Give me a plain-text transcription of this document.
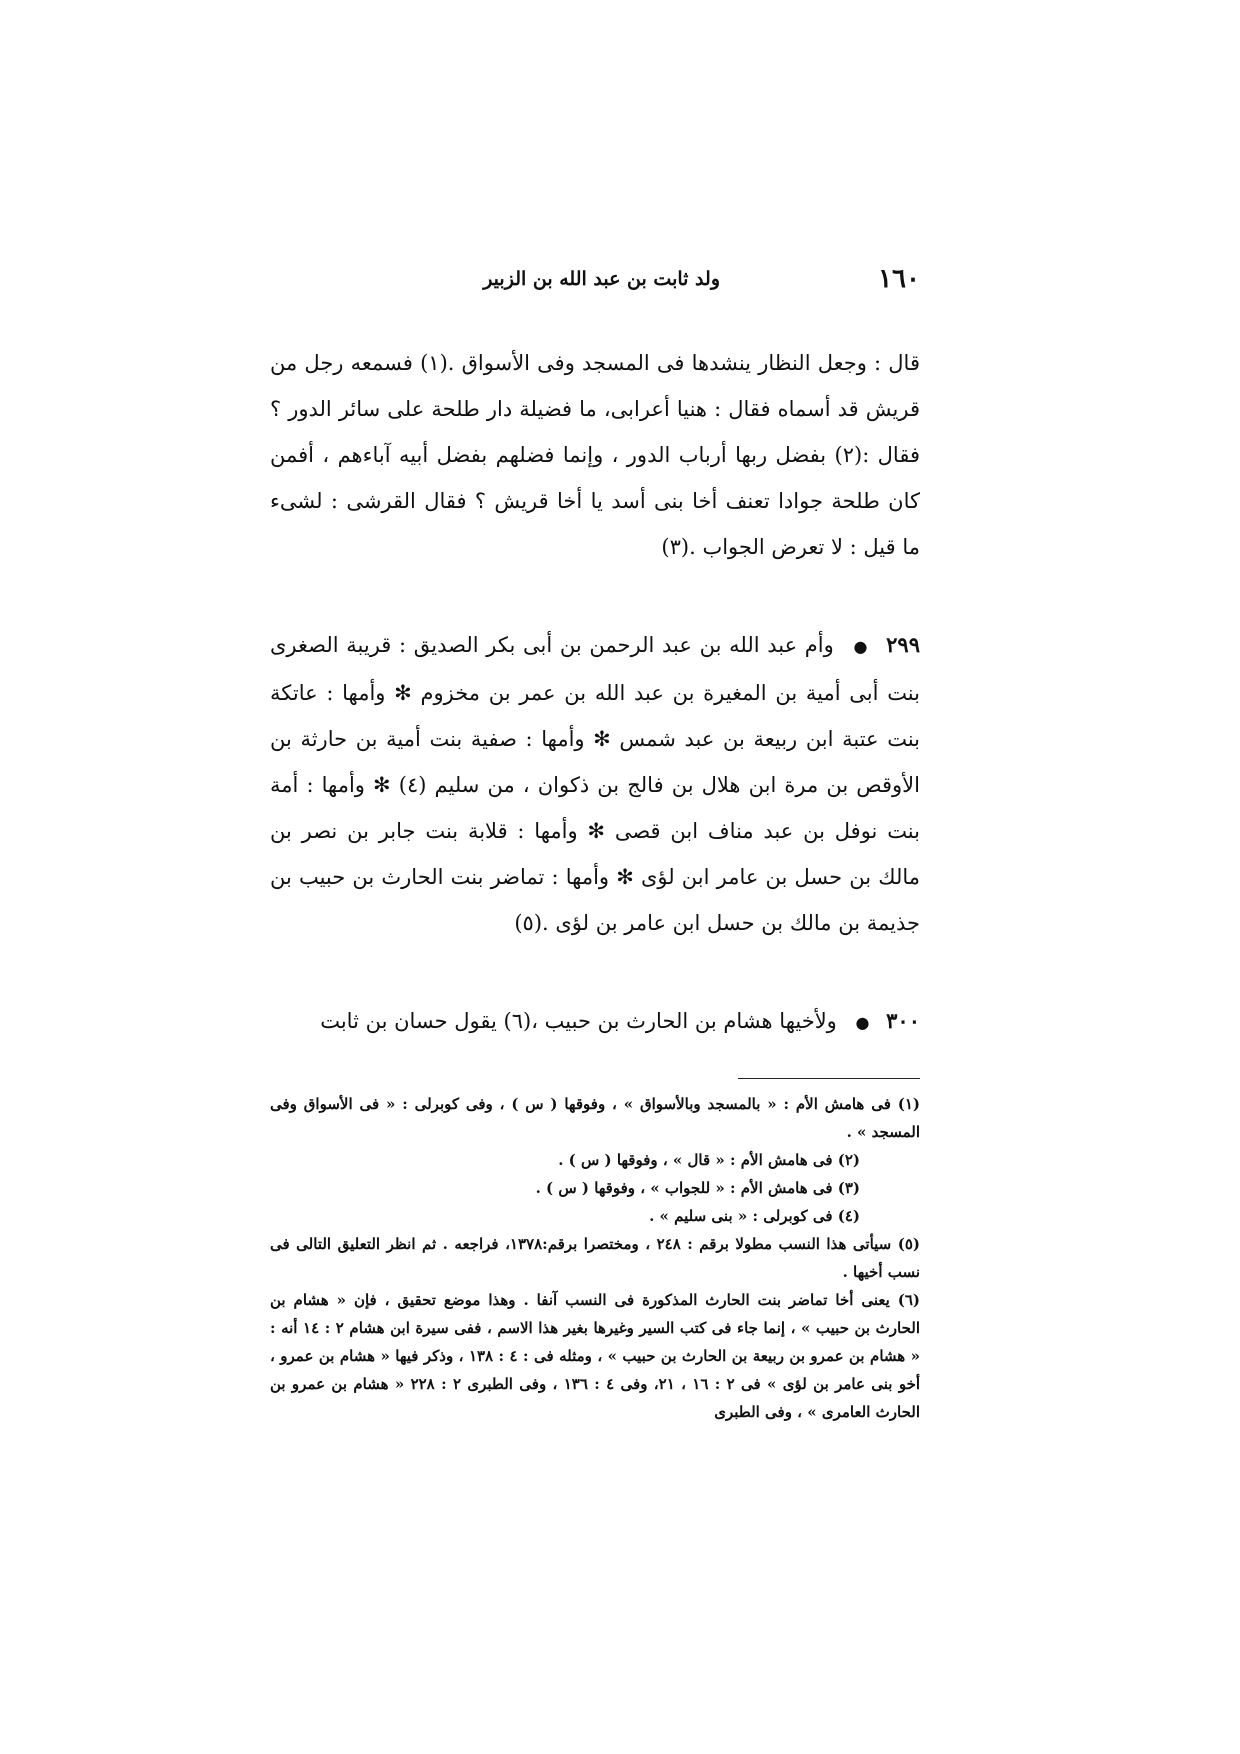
١٦٠
ولد ثابت بن عبد الله بن الزبير

قال : وجعل النظار ينشدها فى المسجد وفى الأسواق .(١) فسمعه رجل من قريش قد أسماه فقال : هنيا أعرابى، ما فضيلة دار طلحة على سائر الدور ؟ فقال :(٢) بفضل ربها أرباب الدور ، وإنما فضلهم بفضل أبيه آباءهم ، أفمن كان طلحة جوادا تعنف أخا بنى أسد يا أخا قريش ؟ فقال القرشى : لشىء ما قيل : لا تعرض الجواب .(٣)

٢٩٩ ● وأم عبد الله بن عبد الرحمن بن أبى بكر الصديق : قريبة الصغرى بنت أبى أمية بن المغيرة بن عبد الله بن عمر بن مخزوم ✻ وأمها : عاتكة بنت عتبة ابن ربيعة بن عبد شمس ✻ وأمها : صفية بنت أمية بن حارثة بن الأوقص بن مرة ابن هلال بن فالج بن ذكوان ، من سليم (٤) ✻ وأمها : أمة بنت نوفل بن عبد مناف ابن قصى ✻ وأمها : قلابة بنت جابر بن نصر بن مالك بن حسل بن عامر ابن لؤى ✻ وأمها : تماضر بنت الحارث بن حبيب بن جذيمة بن مالك بن حسل ابن عامر بن لؤى .(٥)

٣٠٠ ● ولأخيها هشام بن الحارث بن حبيب ،(٦) يقول حسان بن ثابت

(١) فى هامش الأم : « بالمسجد وبالأسواق » ، وفوقها ( س ) ، وفى كوبرلى : « فى الأسواق وفى المسجد » .

(٢) فى هامش الأم : « قال » ، وفوقها ( س ) .

(٣) فى هامش الأم : « للجواب » ، وفوقها ( س ) .

(٤) فى كوبرلى : « بنى سليم » .

(٥) سيأتى هذا النسب مطولا برقم : ٢٤٨ ، ومختصرا برقم:١٣٧٨، فراجعه . ثم انظر التعليق التالى فى نسب أخيها .

(٦) يعنى أخا تماضر بنت الحارث المذكورة فى النسب آنفا . وهذا موضع تحقيق ، فإن « هشام بن الحارث بن حبيب » ، إنما جاء فى كتب السير وغيرها بغير هذا الاسم ، ففى سيرة ابن هشام ٢ : ١٤ أنه : « هشام بن عمرو بن ربيعة بن الحارث بن حبيب » ، ومثله فى : ٤ : ١٣٨ ، وذكر فيها « هشام بن عمرو ، أخو بنى عامر بن لؤى » فى ٢ : ١٦ ، ٢١، وفى ٤ : ١٣٦ ، وفى الطبرى ٢ : ٢٢٨ « هشام بن عمرو بن الحارث العامرى » ، وفى الطبرى
